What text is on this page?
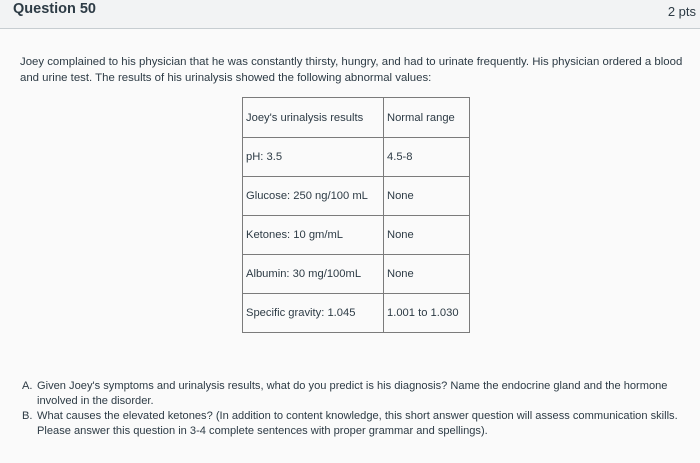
Question 50	2 pts

Joey complained to his physician that he was constantly thirsty, hungry, and had to urinate frequently. His physician ordered a blood and urine test. The results of his urinalysis showed the following abnormal values:

Joey's urinalysis results	Normal range
pH: 3.5	4.5-8
Glucose: 250 ng/100 mL	None
Ketones: 10 gm/mL	None
Albumin: 30 mg/100mL	None
Specific gravity: 1.045	1.001 to 1.030
A. Given Joey's symptoms and urinalysis results, what do you predict is his diagnosis? Name the endocrine gland and the hormone involved in the disorder.
B. What causes the elevated ketones? (In addition to content knowledge, this short answer question will assess communication skills. Please answer this question in 3-4 complete sentences with proper grammar and spellings).
